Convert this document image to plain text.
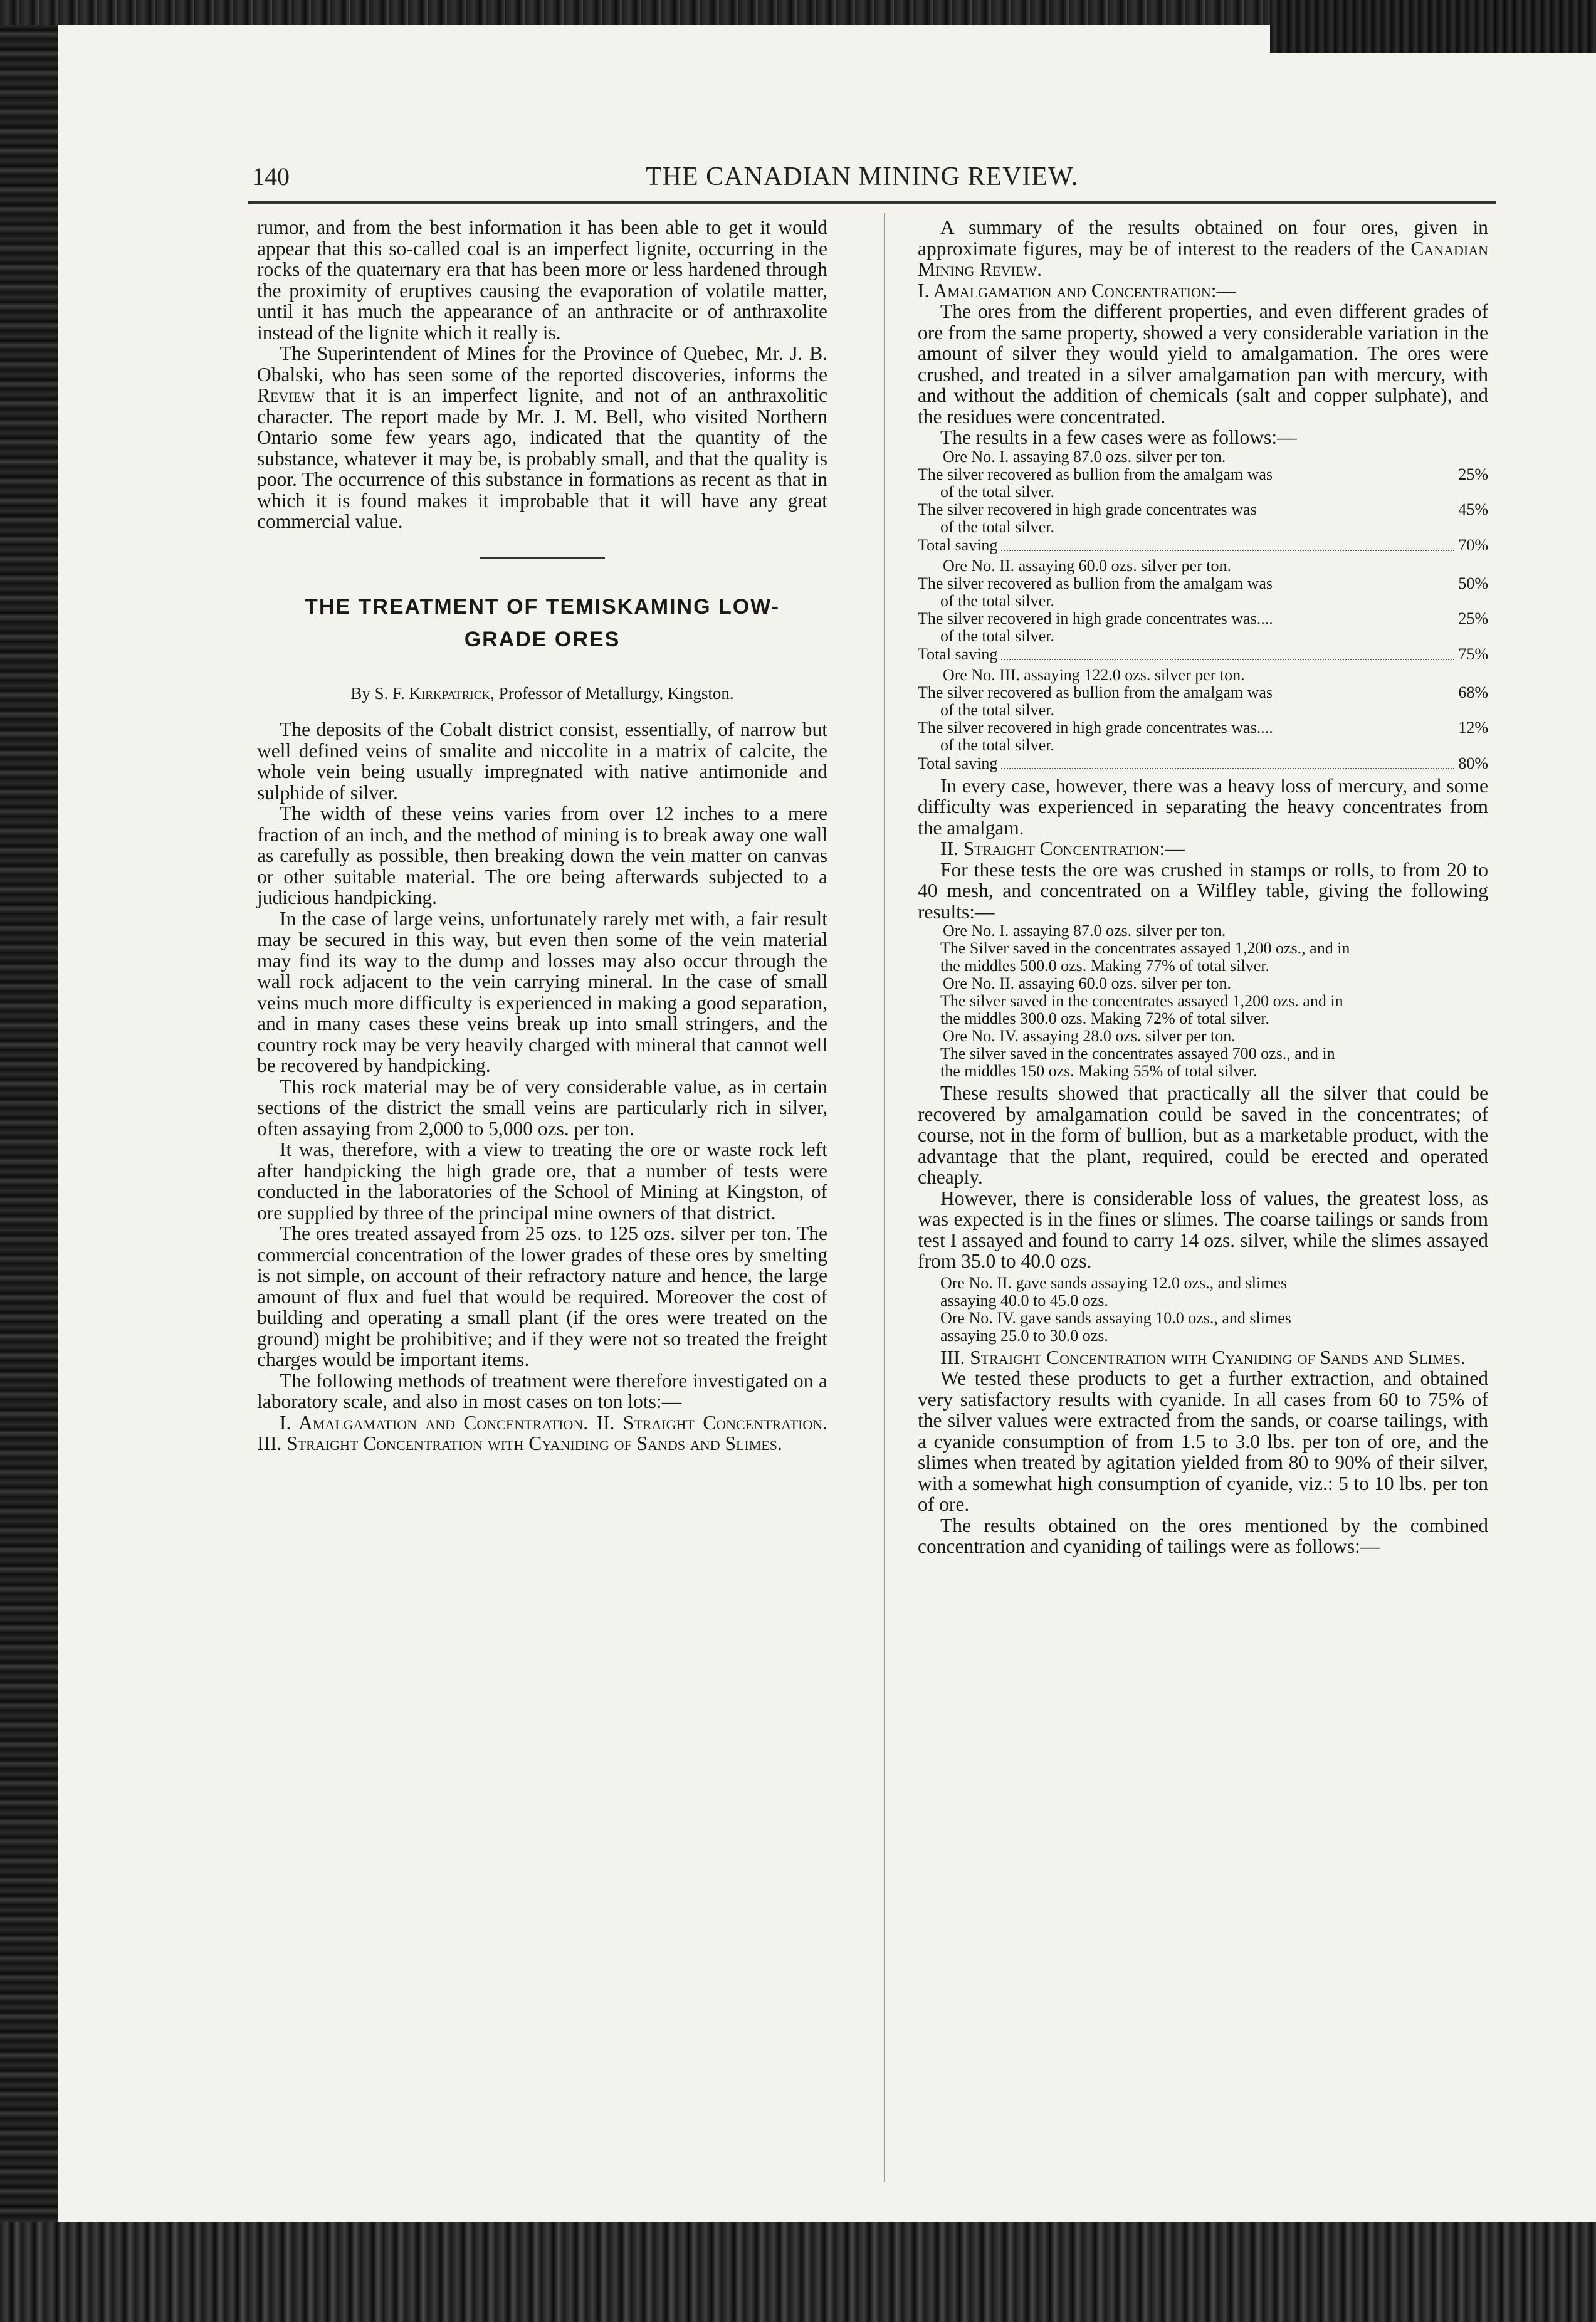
140	THE CANADIAN MINING REVIEW.

rumor, and from the best information it has been able to get it would appear that this so-called coal is an imperfect lignite, occurring in the rocks of the quaternary era that has been more or less hardened through the proximity of eruptives causing the evaporation of volatile matter, until it has much the appearance of an anthracite or of anthraxolite instead of the lignite which it really is.

The Superintendent of Mines for the Province of Quebec, Mr. J. B. Obalski, who has seen some of the reported discoveries, informs the Review that it is an imperfect lignite, and not of an anthraxolitic character. The report made by Mr. J. M. Bell, who visited Northern Ontario some few years ago, indicated that the quantity of the substance, whatever it may be, is probably small, and that the quality is poor. The occurrence of this substance in formations as recent as that in which it is found makes it improbable that it will have any great commercial value.

THE TREATMENT OF TEMISKAMING LOW-
GRADE ORES
By S. F. Kirkpatrick, Professor of Metallurgy, Kingston.

The deposits of the Cobalt district consist, essentially, of narrow but well defined veins of smalite and niccolite in a matrix of calcite, the whole vein being usually impregnated with native antimonide and sulphide of silver.

The width of these veins varies from over 12 inches to a mere fraction of an inch, and the method of mining is to break away one wall as carefully as possible, then breaking down the vein matter on canvas or other suitable material. The ore being afterwards subjected to a judicious handpicking.

In the case of large veins, unfortunately rarely met with, a fair result may be secured in this way, but even then some of the vein material may find its way to the dump and losses may also occur through the wall rock adjacent to the vein carrying mineral. In the case of small veins much more difficulty is experienced in making a good separation, and in many cases these veins break up into small stringers, and the country rock may be very heavily charged with mineral that cannot well be recovered by handpicking.

This rock material may be of very considerable value, as in certain sections of the district the small veins are particularly rich in silver, often assaying from 2,000 to 5,000 ozs. per ton.

It was, therefore, with a view to treating the ore or waste rock left after handpicking the high grade ore, that a number of tests were conducted in the laboratories of the School of Mining at Kingston, of ore supplied by three of the principal mine owners of that district.

The ores treated assayed from 25 ozs. to 125 ozs. silver per ton. The commercial concentration of the lower grades of these ores by smelting is not simple, on account of their refractory nature and hence, the large amount of flux and fuel that would be required. Moreover the cost of building and operating a small plant (if the ores were treated on the ground) might be prohibitive; and if they were not so treated the freight charges would be important items.

The following methods of treatment were therefore investigated on a laboratory scale, and also in most cases on ton lots:—

I. Amalgamation and Concentration. II. Straight Concentration. III. Straight Concentration with Cyaniding of Sands and Slimes.

A summary of the results obtained on four ores, given in approximate figures, may be of interest to the readers of the Canadian Mining Review.

I. Amalgamation and Concentration:—

The ores from the different properties, and even different grades of ore from the same property, showed a very considerable variation in the amount of silver they would yield to amalgamation. The ores were crushed, and treated in a silver amalgamation pan with mercury, with and without the addition of chemicals (salt and copper sulphate), and the residues were concentrated.

The results in a few cases were as follows:—

Ore No. I. assaying 87.0 ozs. silver per ton.

The silver recovered as bullion from the amalgam was	25%

of the total silver.

The silver recovered in high grade concentrates was	45%

of the total silver.

Total saving	70%

Ore No. II. assaying 60.0 ozs. silver per ton.

The silver recovered as bullion from the amalgam was	50%

of the total silver.

The silver recovered in high grade concentrates was....	25%

of the total silver.

Total saving	75%

Ore No. III. assaying 122.0 ozs. silver per ton.

The silver recovered as bullion from the amalgam was	68%

of the total silver.

The silver recovered in high grade concentrates was....	12%

of the total silver.

Total saving	80%

In every case, however, there was a heavy loss of mercury, and some difficulty was experienced in separating the heavy concentrates from the amalgam.

II. Straight Concentration:—

For these tests the ore was crushed in stamps or rolls, to from 20 to 40 mesh, and concentrated on a Wilfley table, giving the following results:—

Ore No. I. assaying 87.0 ozs. silver per ton.

The Silver saved in the concentrates assayed 1,200 ozs., and in

the middles 500.0 ozs. Making 77% of total silver.

Ore No. II. assaying 60.0 ozs. silver per ton.

The silver saved in the concentrates assayed 1,200 ozs. and in

the middles 300.0 ozs. Making 72% of total silver.

Ore No. IV. assaying 28.0 ozs. silver per ton.

The silver saved in the concentrates assayed 700 ozs., and in

the middles 150 ozs. Making 55% of total silver.

These results showed that practically all the silver that could be recovered by amalgamation could be saved in the concentrates; of course, not in the form of bullion, but as a marketable product, with the advantage that the plant, required, could be erected and operated cheaply.

However, there is considerable loss of values, the greatest loss, as was expected is in the fines or slimes. The coarse tailings or sands from test I assayed and found to carry 14 ozs. silver, while the slimes assayed from 35.0 to 40.0 ozs.

Ore No. II. gave sands assaying 12.0 ozs., and slimes

assaying 40.0 to 45.0 ozs.

Ore No. IV. gave sands assaying 10.0 ozs., and slimes

assaying 25.0 to 30.0 ozs.

III. Straight Concentration with Cyaniding of Sands and Slimes.

We tested these products to get a further extraction, and obtained very satisfactory results with cyanide. In all cases from 60 to 75% of the silver values were extracted from the sands, or coarse tailings, with a cyanide consumption of from 1.5 to 3.0 lbs. per ton of ore, and the slimes when treated by agitation yielded from 80 to 90% of their silver, with a somewhat high consumption of cyanide, viz.: 5 to 10 lbs. per ton of ore.

The results obtained on the ores mentioned by the combined concentration and cyaniding of tailings were as follows:—
